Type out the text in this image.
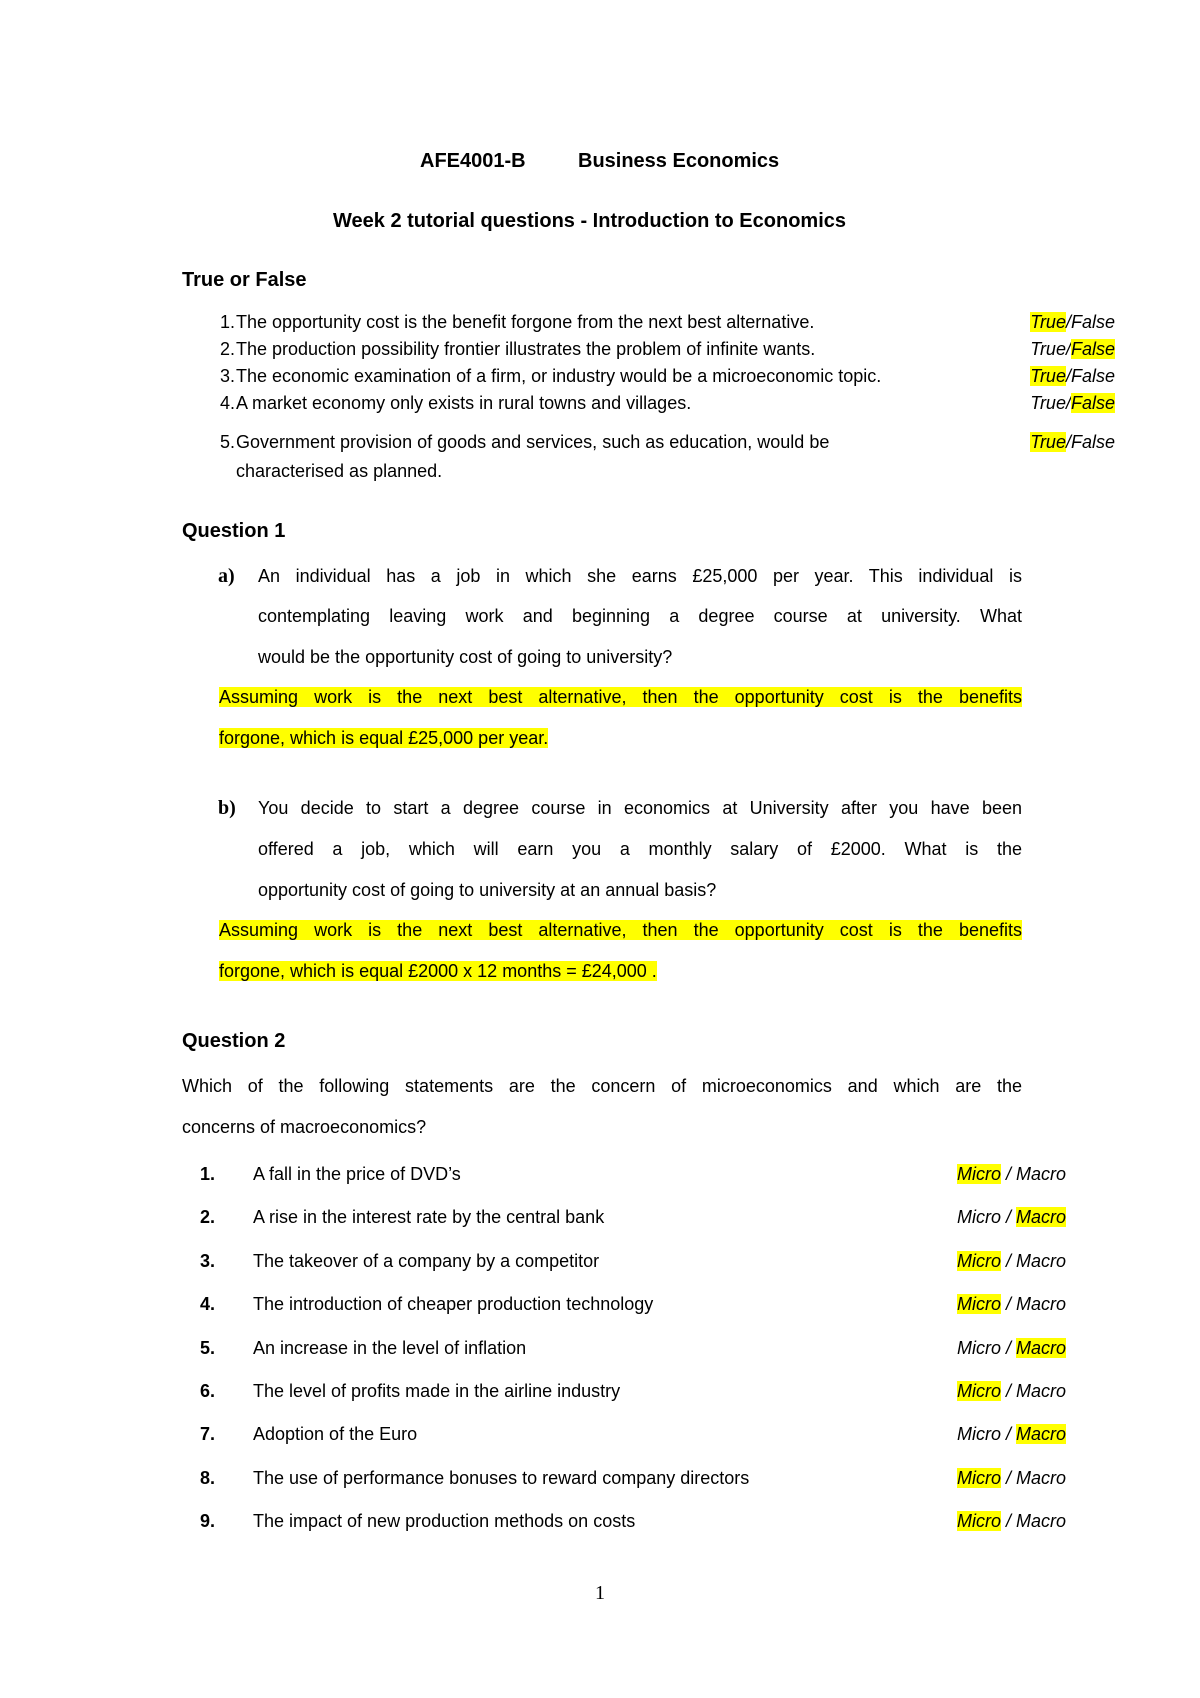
AFE4001-B	Business Economics
Week 2 tutorial questions - Introduction to Economics
True or False
1. The opportunity cost is the benefit forgone from the next best alternative.	True/False
2. The production possibility frontier illustrates the problem of infinite wants.	True/False
3. The economic examination of a firm, or industry would be a microeconomic topic.	True/False
4. A market economy only exists in rural towns and villages.	True/False
5. Government provision of goods and services, such as education, would be
characterised as planned.
True/False
Question 1
a) An individual has a job in which she earns £25,000 per year. This individual is
contemplating leaving work and beginning a degree course at university. What
would be the opportunity cost of going to university?
Assuming work is the next best alternative, then the opportunity cost is the benefits
forgone, which is equal £25,000 per year.
b) You decide to start a degree course in economics at University after you have been
offered a job, which will earn you a monthly salary of £2000. What is the
opportunity cost of going to university at an annual basis?
Assuming work is the next best alternative, then the opportunity cost is the benefits
forgone, which is equal £2000 x 12 months = £24,000 .
Question 2
Which of the following statements are the concern of microeconomics and which are the
concerns of macroeconomics?
1.	A fall in the price of DVD’s	Micro / Macro
2.	A rise in the interest rate by the central bank	Micro / Macro
3.	The takeover of a company by a competitor	Micro / Macro
4.	The introduction of cheaper production technology	Micro / Macro
5.	An increase in the level of inflation	Micro / Macro
6.	The level of profits made in the airline industry	Micro / Macro
7.	Adoption of the Euro	Micro / Macro
8.	The use of performance bonuses to reward company directors	Micro / Macro
9.	The impact of new production methods on costs	Micro / Macro
1
